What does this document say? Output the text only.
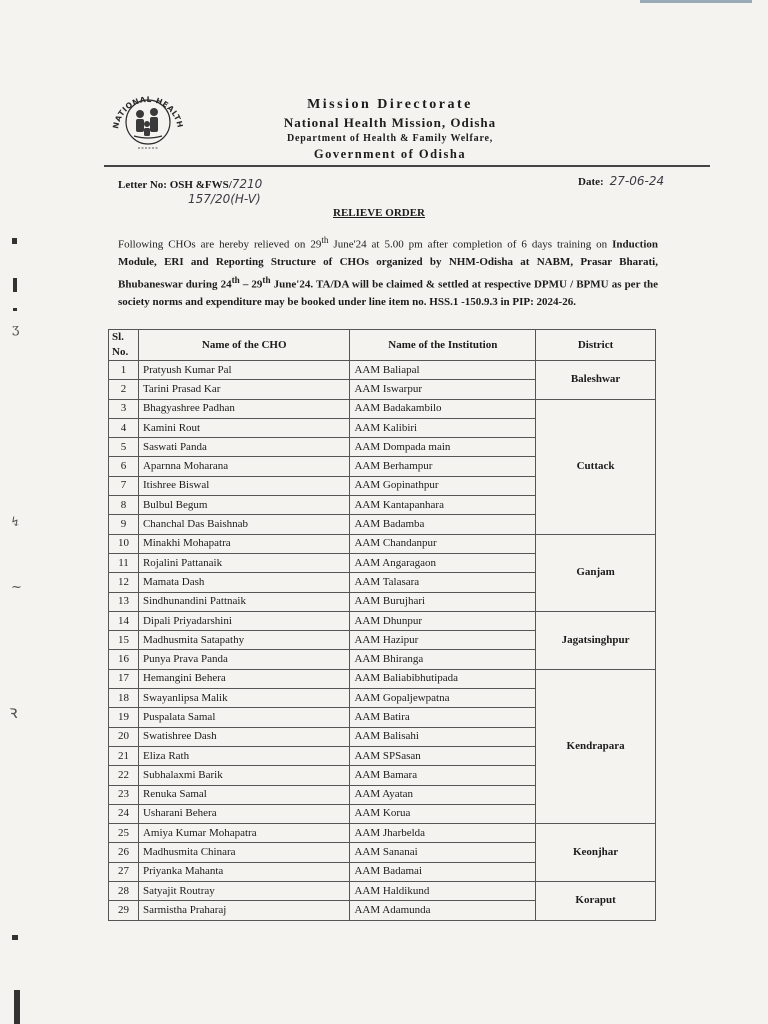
↯
~
ꝛ
ʒ
NATIONAL HEALTH
Mission Directorate
National Health Mission, Odisha
Department of Health & Family Welfare,
Government of Odisha
Letter No: OSH &FWS/7210
157/20(H-V)
Date: 27-06-24
RELIEVE ORDER
Following CHOs are hereby relieved on 29th June'24 at 5.00 pm after completion of 6 days training on Induction Module, ERI and Reporting Structure of CHOs organized by NHM-Odisha at NABM, Prasar Bharati, Bhubaneswar during 24th – 29th June'24. TA/DA will be claimed & settled at respective DPMU / BPMU as per the society norms and expenditure may be booked under line item no. HSS.1 -150.9.3 in PIP: 2024-26.
Sl. No.	Name of the CHO	Name of the Institution	District
1	Pratyush Kumar Pal	AAM Baliapal	Baleshwar
2	Tarini Prasad Kar	AAM Iswarpur	
3	Bhagyashree Padhan	AAM Badakambilo	Cuttack
4	Kamini Rout	AAM Kalibiri	
5	Saswati Panda	AAM Dompada main	
6	Aparnna Moharana	AAM Berhampur	
7	Itishree Biswal	AAM Gopinathpur	
8	Bulbul Begum	AAM Kantapanhara	
9	Chanchal Das Baishnab	AAM Badamba	
10	Minakhi Mohapatra	AAM Chandanpur	Ganjam
11	Rojalini Pattanaik	AAM Angaragaon	
12	Mamata Dash	AAM Talasara	
13	Sindhunandini Pattnaik	AAM Burujhari	
14	Dipali Priyadarshini	AAM Dhunpur	Jagatsinghpur
15	Madhusmita Satapathy	AAM Hazipur	
16	Punya Prava Panda	AAM Bhiranga	
17	Hemangini Behera	AAM Baliabibhutipada	Kendrapara
18	Swayanlipsa Malik	AAM Gopaljewpatna	
19	Puspalata Samal	AAM Batira	
20	Swatishree Dash	AAM Balisahi	
21	Eliza Rath	AAM SPSasan	
22	Subhalaxmi Barik	AAM Bamara	
23	Renuka Samal	AAM Ayatan	
24	Usharani Behera	AAM Korua	
25	Amiya Kumar Mohapatra	AAM Jharbelda	Keonjhar
26	Madhusmita Chinara	AAM Sananai	
27	Priyanka Mahanta	AAM Badamai	
28	Satyajit Routray	AAM Haldikund	Koraput
29	Sarmistha Praharaj	AAM Adamunda	
